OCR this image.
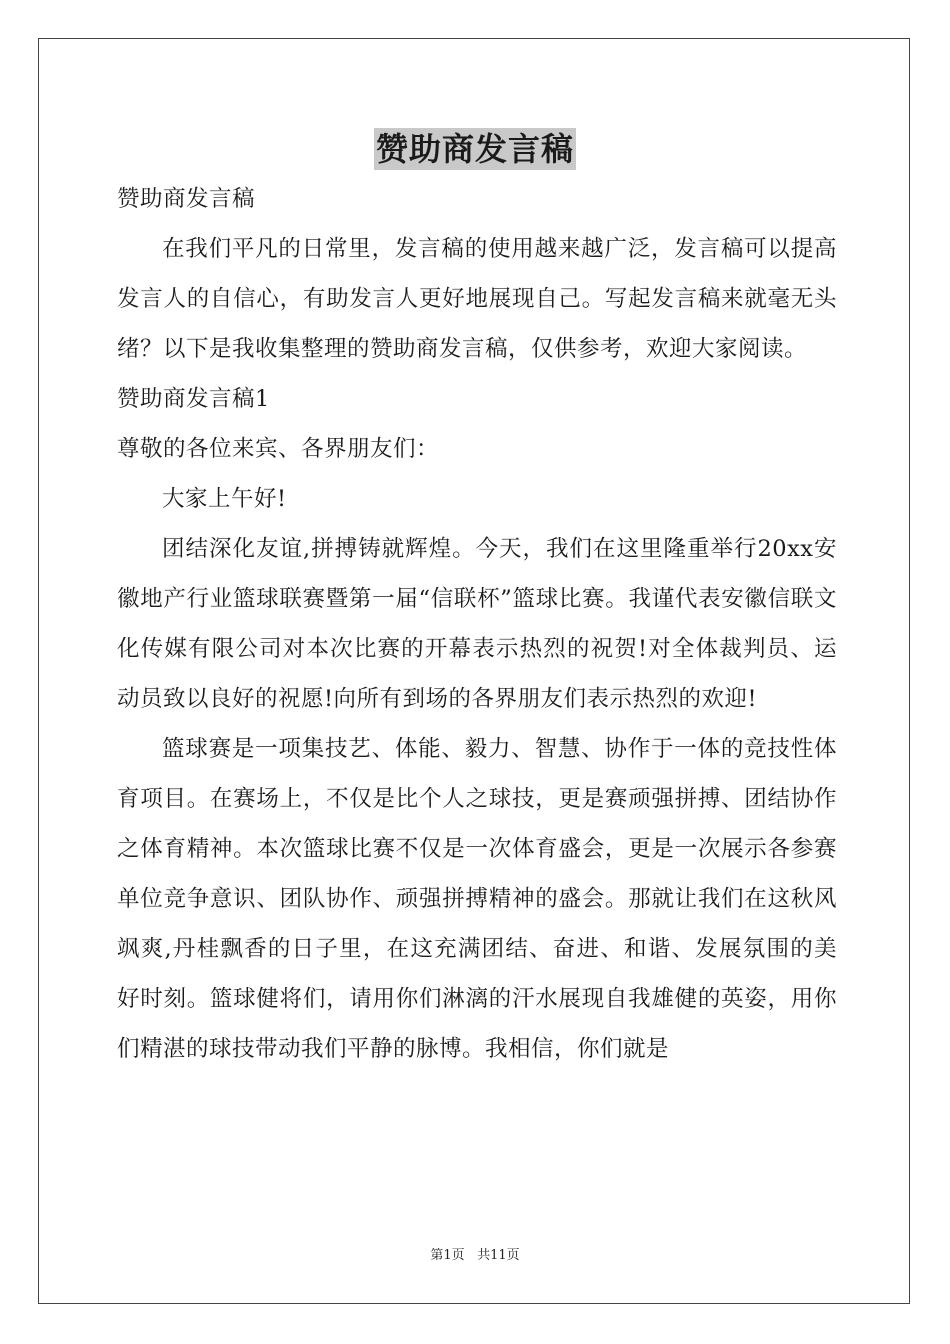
赞助商发言稿

赞助商发言稿

在我们平凡的日常里，发言稿的使用越来越广泛，发言稿可以提高发言人的自信心，有助发言人更好地展现自己。写起发言稿来就毫无头绪？以下是我收集整理的赞助商发言稿，仅供参考，欢迎大家阅读。

赞助商发言稿1

尊敬的各位来宾、各界朋友们：

大家上午好!

团结深化友谊,拼搏铸就辉煌。今天，我们在这里隆重举行20xx安徽地产行业篮球联赛暨第一届“信联杯”篮球比赛。我谨代表安徽信联文化传媒有限公司对本次比赛的开幕表示热烈的祝贺!对全体裁判员、运动员致以良好的祝愿!向所有到场的各界朋友们表示热烈的欢迎!

篮球赛是一项集技艺、体能、毅力、智慧、协作于一体的竞技性体育项目。在赛场上，不仅是比个人之球技，更是赛顽强拼搏、团结协作之体育精神。本次篮球比赛不仅是一次体育盛会，更是一次展示各参赛单位竞争意识、团队协作、顽强拼搏精神的盛会。那就让我们在这秋风飒爽,丹桂飘香的日子里，在这充满团结、奋进、和谐、发展氛围的美好时刻。篮球健将们，请用你们淋漓的汗水展现自我雄健的英姿，用你们精湛的球技带动我们平静的脉博。我相信，你们就是

第1页 共11页
